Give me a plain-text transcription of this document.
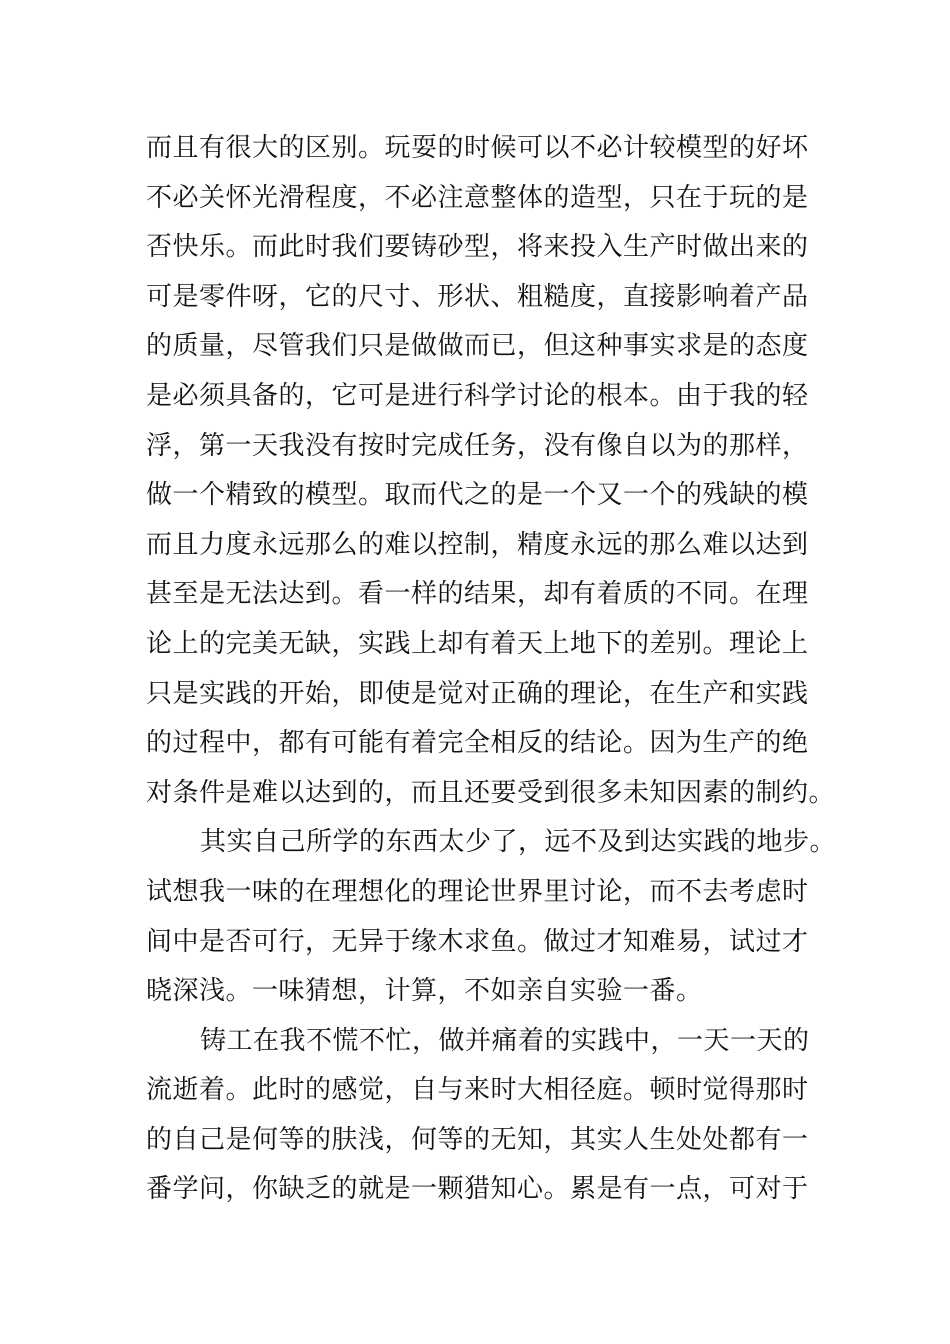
而且有很大的区别。玩耍的时候可以不必计较模型的好坏
不必关怀光滑程度，不必注意整体的造型，只在于玩的是
否快乐。而此时我们要铸砂型，将来投入生产时做出来的
可是零件呀，它的尺寸、形状、粗糙度，直接影响着产品
的质量，尽管我们只是做做而已，但这种事实求是的态度
是必须具备的，它可是进行科学讨论的根本。由于我的轻
浮，第一天我没有按时完成任务，没有像自以为的那样，
做一个精致的模型。取而代之的是一个又一个的残缺的模
而且力度永远那么的难以控制，精度永远的那么难以达到
甚至是无法达到。看一样的结果，却有着质的不同。在理
论上的完美无缺，实践上却有着天上地下的差别。理论上
只是实践的开始，即使是觉对正确的理论，在生产和实践
的过程中，都有可能有着完全相反的结论。因为生产的绝
对条件是难以达到的，而且还要受到很多未知因素的制约。
其实自己所学的东西太少了，远不及到达实践的地步。
试想我一味的在理想化的理论世界里讨论，而不去考虑时
间中是否可行，无异于缘木求鱼。做过才知难易，试过才
晓深浅。一味猜想，计算，不如亲自实验一番。
铸工在我不慌不忙，做并痛着的实践中，一天一天的
流逝着。此时的感觉，自与来时大相径庭。顿时觉得那时
的自己是何等的肤浅，何等的无知，其实人生处处都有一
番学问，你缺乏的就是一颗猎知心。累是有一点，可对于
